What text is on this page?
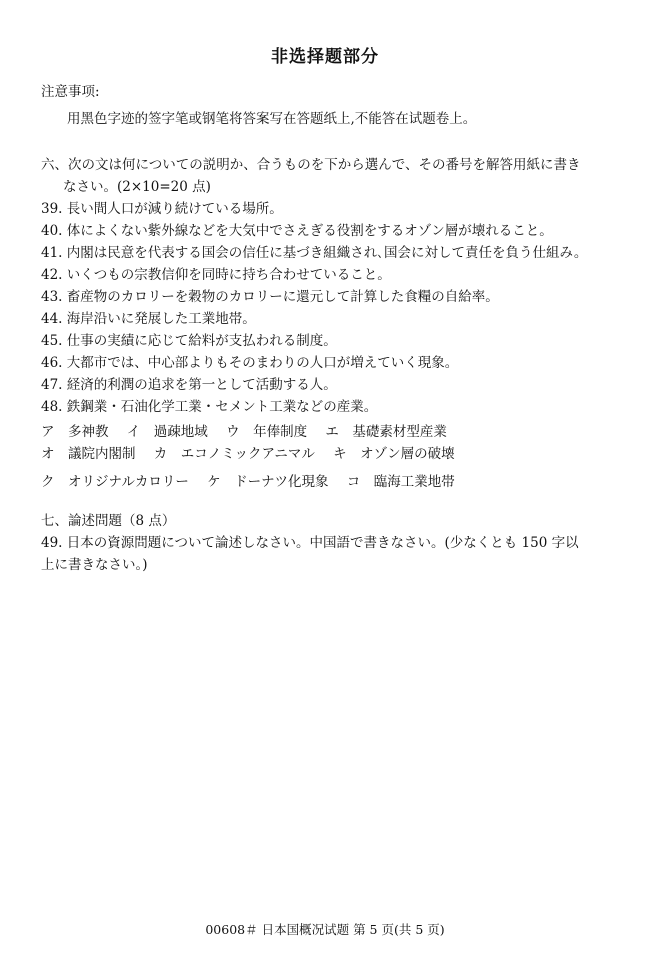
非选择题部分
注意事项:
用黑色字迹的签字笔或钢笔将答案写在答题纸上,不能答在试题卷上。
六、次の文は何についての説明か、合うものを下から選んで、その番号を解答用紙に書き
なさい。(2×10=20 点)
39. 長い間人口が減り続けている場所。
40. 体によくない紫外線などを大気中でさえぎる役割をするオゾン層が壊れること。
41. 内閣は民意を代表する国会の信任に基づき組織され､国会に対して責任を負う仕組み。
42. いくつもの宗教信仰を同時に持ち合わせていること。
43. 畜産物のカロリーを穀物のカロリーに還元して計算した食糧の自給率。
44. 海岸沿いに発展した工業地帯。
45. 仕事の実績に応じて給料が支払われる制度。
46. 大都市では、中心部よりもそのまわりの人口が増えていく現象。
47. 経済的利潤の追求を第一として活動する人。
48. 鉄鋼業・石油化学工業・セメント工業などの産業。
ア　多神教 イ　過疎地域 ウ　年俸制度 エ　基礎素材型産業
オ　議院内閣制 カ　エコノミックアニマル キ　オゾン層の破壊
ク　オリジナルカロリー ケ　ドーナツ化現象 コ　臨海工業地帯
七、論述問題（8 点）
49. 日本の資源問題について論述しなさい。中国語で書きなさい。(少なくとも 150 字以
上に書きなさい。)
00608＃ 日本国概况试题 第 5 页(共 5 页)
